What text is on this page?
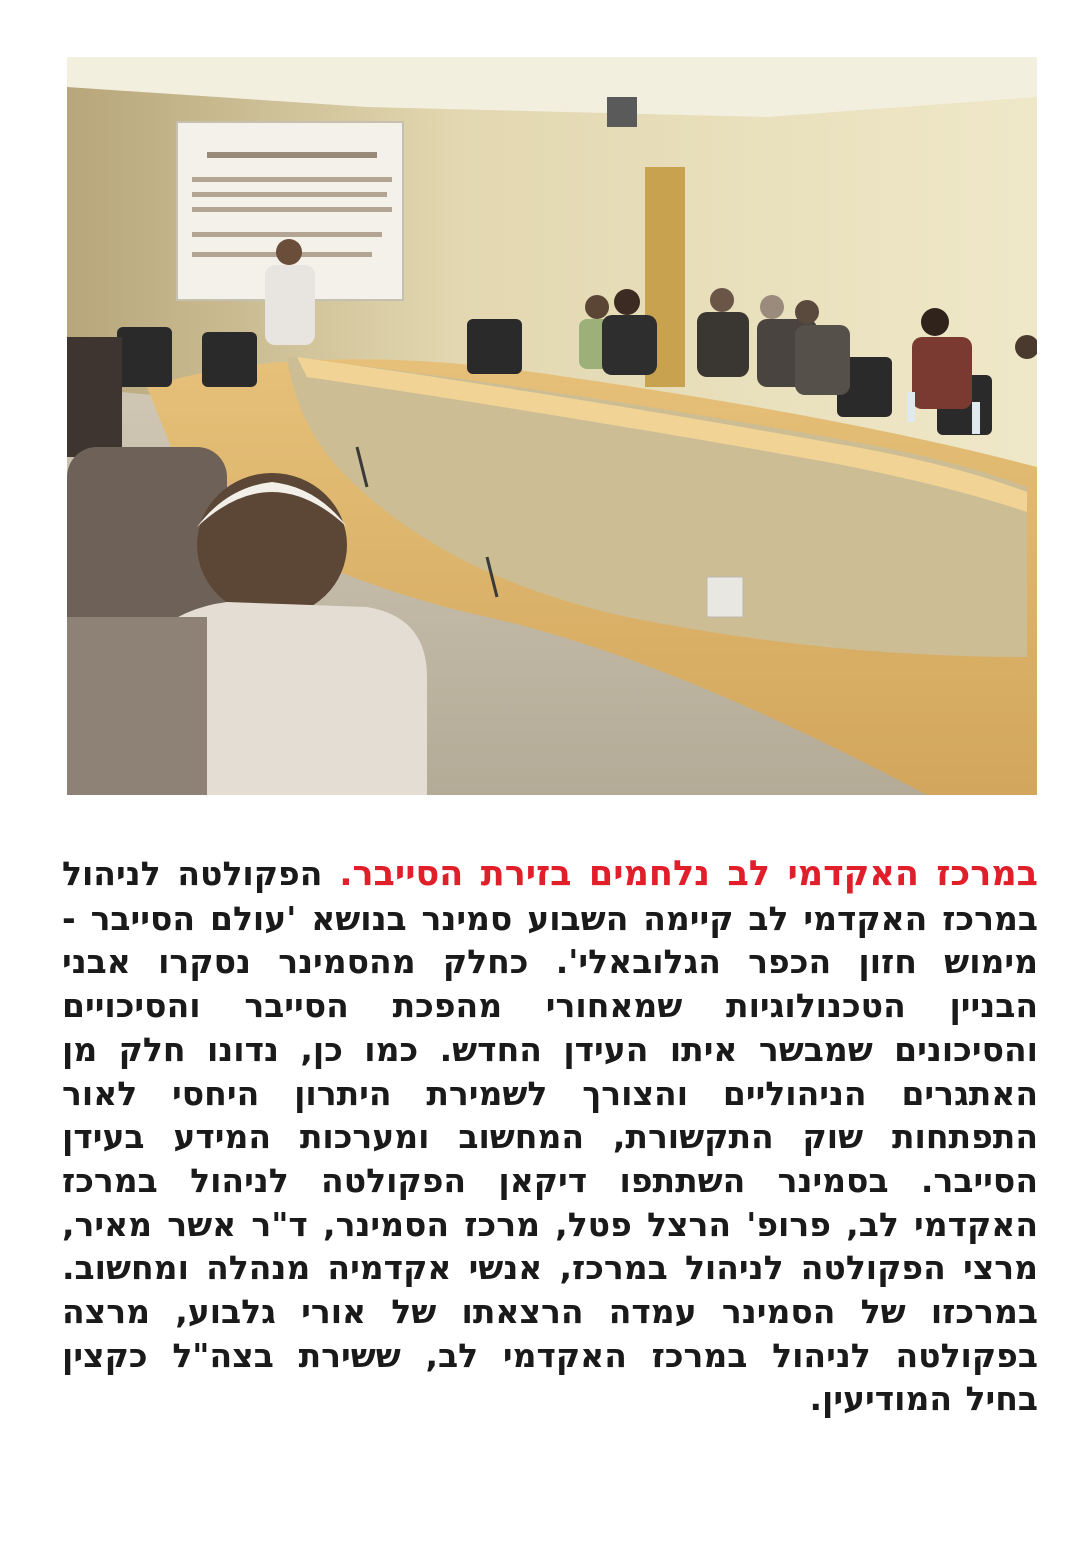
במרכז האקדמי לב נלחמים בזירת הסייבר. הפקולטה לניהול במרכז האקדמי לב קיימה השבוע סמינר בנושא 'עולם הסייבר - מימוש חזון הכפר הגלובאלי'. כחלק מהסמינר נסקרו אבני הבניין הטכנולוגיות שמאחורי מהפכת הסייבר והסיכויים והסיכונים שמבשר איתו העידן החדש. כמו כן, נדונו חלק מן האתגרים הניהוליים והצורך לשמירת היתרון היחסי לאור התפתחות שוק התקשורת, המחשוב ומערכות המידע בעידן הסייבר. בסמינר השתתפו דיקאן הפקולטה לניהול במרכז האקדמי לב, פרופ' הרצל פטל, מרכז הסמינר, ד"ר אשר מאיר, מרצי הפקולטה לניהול במרכז, אנשי אקדמיה מנהלה ומחשוב. במרכזו של הסמינר עמדה הרצאתו של אורי גלבוע, מרצה בפקולטה לניהול במרכז האקדמי לב, ששירת בצה"ל כקצין בחיל המודיעין.
